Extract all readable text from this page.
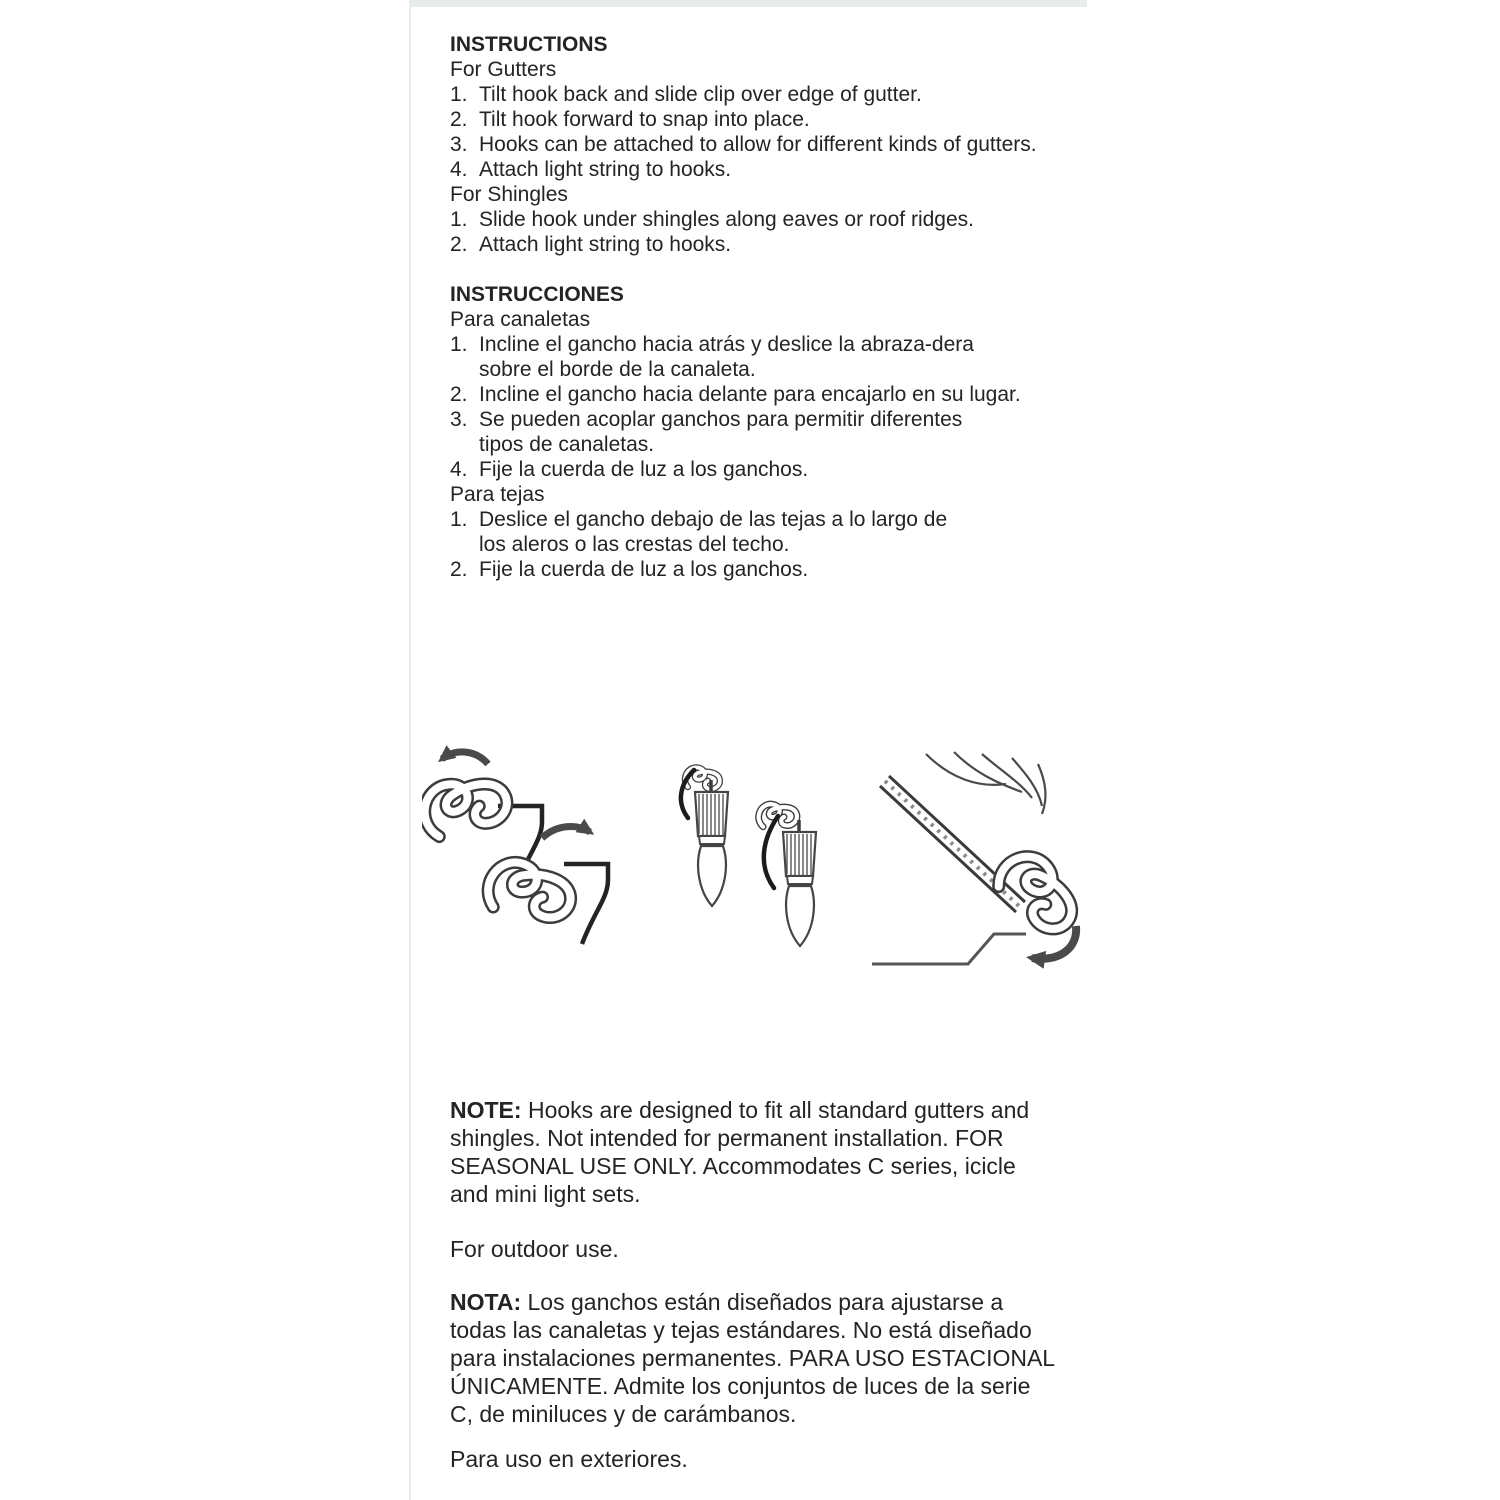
INSTRUCTIONS
For Gutters
1. Tilt hook back and slide clip over edge of gutter.
2. Tilt hook forward to snap into place.
3. Hooks can be attached to allow for different kinds of gutters.
4. Attach light string to hooks.
For Shingles
1. Slide hook under shingles along eaves or roof ridges.
2. Attach light string to hooks.
INSTRUCCIONES
Para canaletas
1. Incline el gancho hacia atrás y deslice la abraza-dera
sobre el borde de la canaleta.
2. Incline el gancho hacia delante para encajarlo en su lugar.
3. Se pueden acoplar ganchos para permitir diferentes
tipos de canaletas.
4. Fije la cuerda de luz a los ganchos.
Para tejas
1. Deslice el gancho debajo de las tejas a lo largo de
los aleros o las crestas del techo.
2. Fije la cuerda de luz a los ganchos.
NOTE: Hooks are designed to fit all standard gutters and
shingles. Not intended for permanent installation. FOR
SEASONAL USE ONLY. Accommodates C series, icicle
and mini light sets.
For outdoor use.
NOTA: Los ganchos están diseñados para ajustarse a
todas las canaletas y tejas estándares. No está diseñado
para instalaciones permanentes. PARA USO ESTACIONAL
ÚNICAMENTE. Admite los conjuntos de luces de la serie
C, de miniluces y de carámbanos.
Para uso en exteriores.
